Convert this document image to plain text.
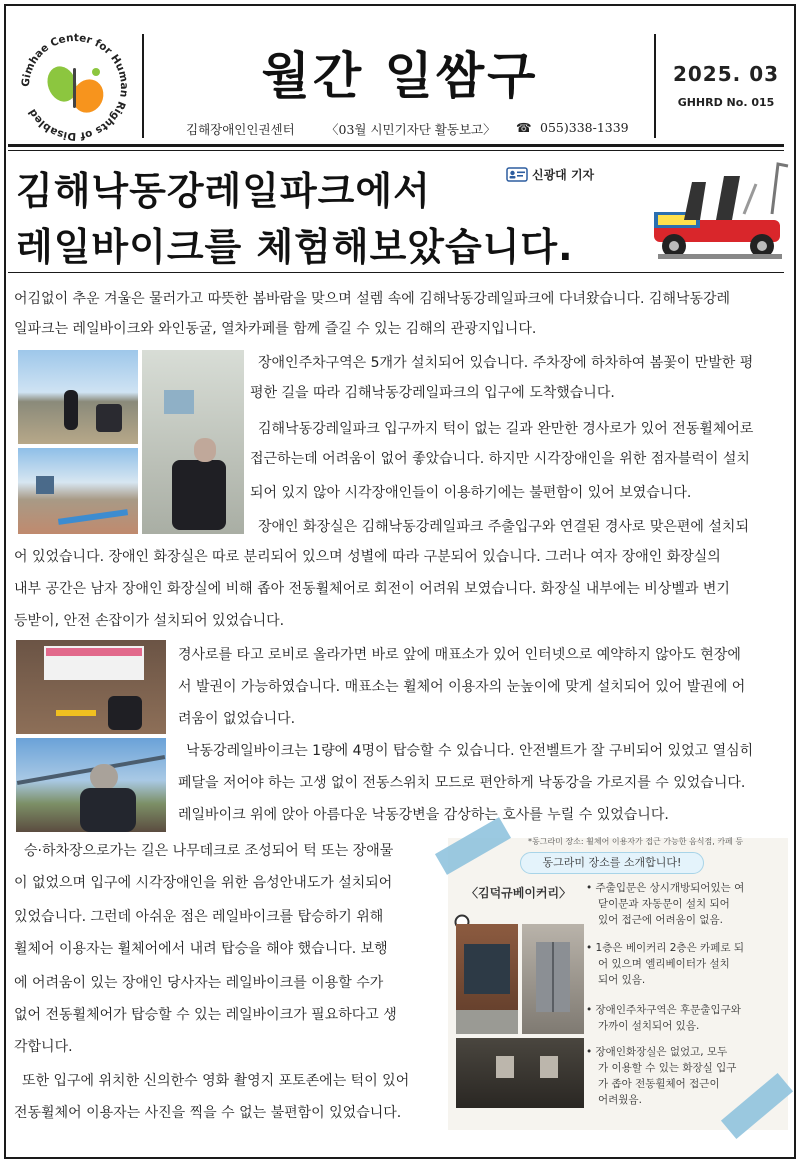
Gimhae Center for Human Rights of Disabled
월간 일쌈구
김해장애인인권센터	〈03월 시민기자단 활동보고〉 ☎ 055)338-1339
2025. 03
GHHRD No. 015
김해낙동강레일파크에서
레일바이크를 체험해보았습니다.
신광대 기자
어김없이 추운 겨울은 물러가고 따뜻한 봄바람을 맞으며 설렘 속에 김해낙동강레일파크에 다녀왔습니다. 김해낙동강레
일파크는 레일바이크와 와인동굴, 열차카페를 함께 즐길 수 있는 김해의 관광지입니다.
장애인주차구역은 5개가 설치되어 있습니다. 주차장에 하차하여 봄꽃이 만발한 평
평한 길을 따라 김해낙동강레일파크의 입구에 도착했습니다.
김해낙동강레일파크 입구까지 턱이 없는 길과 완만한 경사로가 있어 전동휠체어로
접근하는데 어려움이 없어 좋았습니다. 하지만 시각장애인을 위한 점자블럭이 설치
되어 있지 않아 시각장애인들이 이용하기에는 불편함이 있어 보였습니다.
장애인 화장실은 김해낙동강레일파크 주출입구와 연결된 경사로 맞은편에 설치되
어 있었습니다. 장애인 화장실은 따로 분리되어 있으며 성별에 따라 구분되어 있습니다. 그러나 여자 장애인 화장실의
내부 공간은 남자 장애인 화장실에 비해 좁아 전동휠체어로 회전이 어려워 보였습니다. 화장실 내부에는 비상벨과 변기
등받이, 안전 손잡이가 설치되어 있었습니다.
경사로를 타고 로비로 올라가면 바로 앞에 매표소가 있어 인터넷으로 예약하지 않아도 현장에
서 발권이 가능하였습니다. 매표소는 휠체어 이용자의 눈높이에 맞게 설치되어 있어 발권에 어
려움이 없었습니다.
낙동강레일바이크는 1량에 4명이 탑승할 수 있습니다. 안전벨트가 잘 구비되어 있었고 열심히
페달을 저어야 하는 고생 없이 전동스위치 모드로 편안하게 낙동강을 가로지를 수 있었습니다.
레일바이크 위에 앉아 아름다운 낙동강변을 감상하는 호사를 누릴 수 있었습니다.
승·하차장으로가는 길은 나무데크로 조성되어 턱 또는 장애물
이 없었으며 입구에 시각장애인을 위한 음성안내도가 설치되어
있었습니다. 그런데 아쉬운 점은 레일바이크를 탑승하기 위해
휠체어 이용자는 휠체어에서 내려 탑승을 해야 했습니다. 보행
에 어려움이 있는 장애인 당사자는 레일바이크를 이용할 수가
없어 전동휠체어가 탑승할 수 있는 레일바이크가 필요하다고 생
각합니다.
또한 입구에 위치한 신의한수 영화 촬영지 포토존에는 턱이 있어
전동휠체어 이용자는 사진을 찍을 수 없는 불편함이 있었습니다.
*동그라미 장소: 휠체어 이용자가 접근 가능한 음식점, 카페 등
동그라미 장소를 소개합니다!
〈김덕규베이커리〉 • 주출입문은 상시개방되어있는 여
닫이문과 자동문이 설치 되어
있어 접근에 어려움이 없음.
• 1층은 베이커리 2층은 카페로 되
어 있으며 엘리베이터가 설치
되어 있음.
• 장애인주차구역은 후문출입구와
가까이 설치되어 있음.
• 장애인화장실은 없었고, 모두
가 이용할 수 있는 화장실 입구
가 좁아 전동휠체어 접근이
어려웠음.
